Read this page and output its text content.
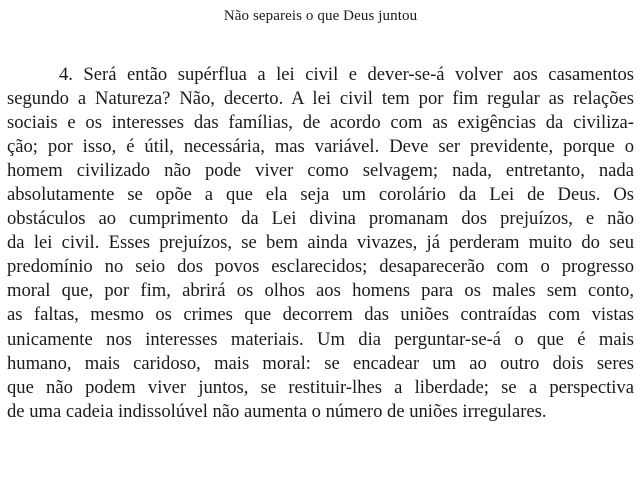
Não separeis o que Deus juntou
4. Será então supérflua a lei civil e dever-se-á volver aos casamentos
segundo a Natureza? Não, decerto. A lei civil tem por fim regular as relações
sociais e os interesses das famílias, de acordo com as exigências da civiliza-
ção; por isso, é útil, necessária, mas variável. Deve ser previdente, porque o
homem civilizado não pode viver como selvagem; nada, entretanto, nada
absolutamente se opõe a que ela seja um corolário da Lei de Deus. Os
obstáculos ao cumprimento da Lei divina promanam dos prejuízos, e não
da lei civil. Esses prejuízos, se bem ainda vivazes, já perderam muito do seu
predomínio no seio dos povos esclarecidos; desaparecerão com o progresso
moral que, por fim, abrirá os olhos aos homens para os males sem conto,
as faltas, mesmo os crimes que decorrem das uniões contraídas com vistas
unicamente nos interesses materiais. Um dia perguntar-se-á o que é mais
humano, mais caridoso, mais moral: se encadear um ao outro dois seres
que não podem viver juntos, se restituir-lhes a liberdade; se a perspectiva
de uma cadeia indissolúvel não aumenta o número de uniões irregulares.
